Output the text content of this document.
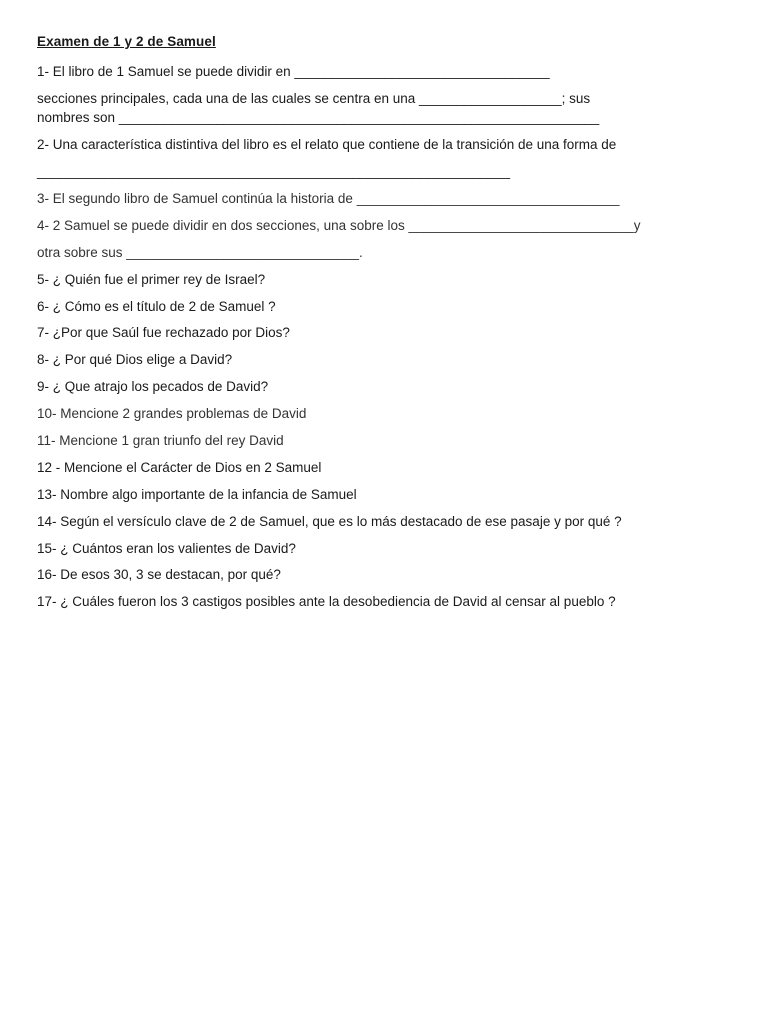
Examen de 1 y 2 de Samuel
1- El libro de 1 Samuel se puede dividir en __________________________________
secciones principales, cada una de las cuales se centra en una ___________________; sus
nombres son ________________________________________________________________
2- Una característica distintiva del libro es el relato que contiene de la transición de una forma de
_______________________________________________________________
3- El segundo libro de Samuel continúa la historia de ___________________________________
4- 2 Samuel se puede dividir en dos secciones, una sobre los ______________________________y
otra sobre sus _______________________________.
5- ¿ Quién fue el primer rey de Israel?
6- ¿ Cómo es el título de 2 de Samuel ?
7- ¿Por que Saúl fue rechazado por Dios?
8- ¿ Por qué Dios elige a David?
9- ¿ Que atrajo los pecados de David?
10- Mencione 2 grandes problemas de David
11- Mencione 1 gran triunfo del rey David
12 - Mencione el Carácter de Dios en 2 Samuel
13- Nombre algo importante de la infancia de Samuel
14- Según el versículo clave de 2 de Samuel, que es lo más destacado de ese pasaje y por qué ?
15- ¿ Cuántos eran los valientes de David?
16- De esos 30, 3 se destacan, por qué?
17- ¿ Cuáles fueron los 3 castigos posibles ante la desobediencia de David al censar al pueblo ?
